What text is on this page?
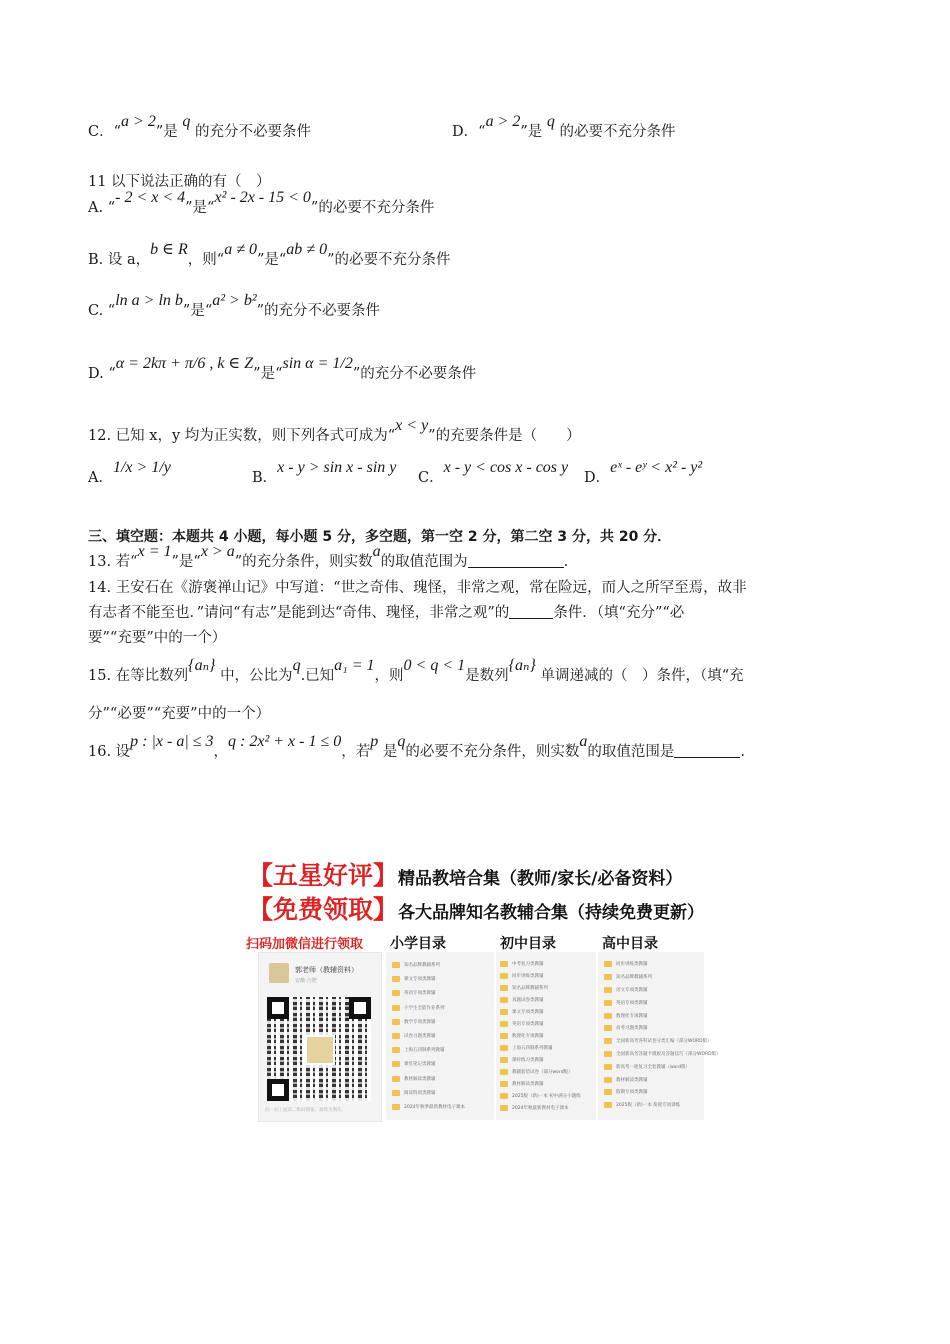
C．“a > 2”是 q 的充分不必要条件	D．“a > 2”是 q 的必要不充分条件
11 以下说法正确的有（　）
A. “- 2 < x < 4”是“x² - 2x - 15 < 0”的必要不充分条件
B. 设 a，b ∈ R，则“a ≠ 0”是“ab ≠ 0”的必要不充分条件
C. “ln a > ln b”是“a² > b²”的充分不必要条件
D. “α = 2kπ + π/6 , k ∈ Z”是“sin α = 1/2”的充分不必要条件
12. 已知 x，y 均为正实数，则下列各式可成为“x < y”的充要条件是（　　）
A．1/x > 1/y
B．x - y > sin x - sin y
C．x - y < cos x - cos y
D．eˣ - eʸ < x² - y²
三、填空题：本题共 4 小题，每小题 5 分，多空题，第一空 2 分，第二空 3 分，共 20 分．
13. 若“x = 1”是“x > a”的充分条件，则实数a的取值范围为	.
14. 王安石在《游褒禅山记》中写道：“世之奇伟、瑰怪，非常之观，常在险远，而人之所罕至焉，故非
有志者不能至也．”请问“有志”是能到达“奇伟、瑰怪，非常之观”的	条件．（填“充分”“必
要”“充要”中的一个）
15. 在等比数列{aₙ} 中，公比为q.已知a₁ = 1，则0 < q < 1是数列{aₙ} 单调递减的（　）条件，（填“充
分”“必要”“充要”中的一个）
16. 设p : |x - a| ≤ 3，q : 2x² + x - 1 ≤ 0，若p 是q的必要不充分条件，则实数a的取值范围是	.
【五星好评】精品教培合集（教师/家长/必备资料）
【免费领取】各大品牌知名教辅合集（持续免费更新）
扫码加微信进行领取
郭老师（教辅资料）
安徽·合肥
扫一扫上面的二维码图案，加我为朋友。
小学目录	初中目录	高中目录
知名品牌教辅系列
课文专项类教辅
英语专项类教辅
小学生全能作业系列
数学专项类教辅
试卷习题类教辅
上海五四制系列教辅
课堂笔记类教辅
教材解读类教辅
阅读特训类教辅
2024年秋季最新教材电子课本
中考复习类教辅
同步讲练类教辅
知名品牌教辅系列
真题试卷类教辅
课文专项类教辅
英语专项类教辅
数理化专项教辅
上海五四制系列教辅
课时练习类教辅
教辅套装试卷（部分word版）
教材解读类教辅
2025版（新)一本 初中满分小题练
2024年秋最新教材电子课本
同步讲练类教辅
知名品牌教辅系列
语文专项类教辅
英语专项类教辅
数理化专项教辅
高考习题类教辅
全国新高考各科试卷分类汇编（部分WORD版）
全国新高考答题卡模板及答题技巧（部分WORD版）
新高考一轮复习全套教辅（word版）
教材解读类教辅
假期专项类教辅
2025版（新)一本 衔接专项训练
